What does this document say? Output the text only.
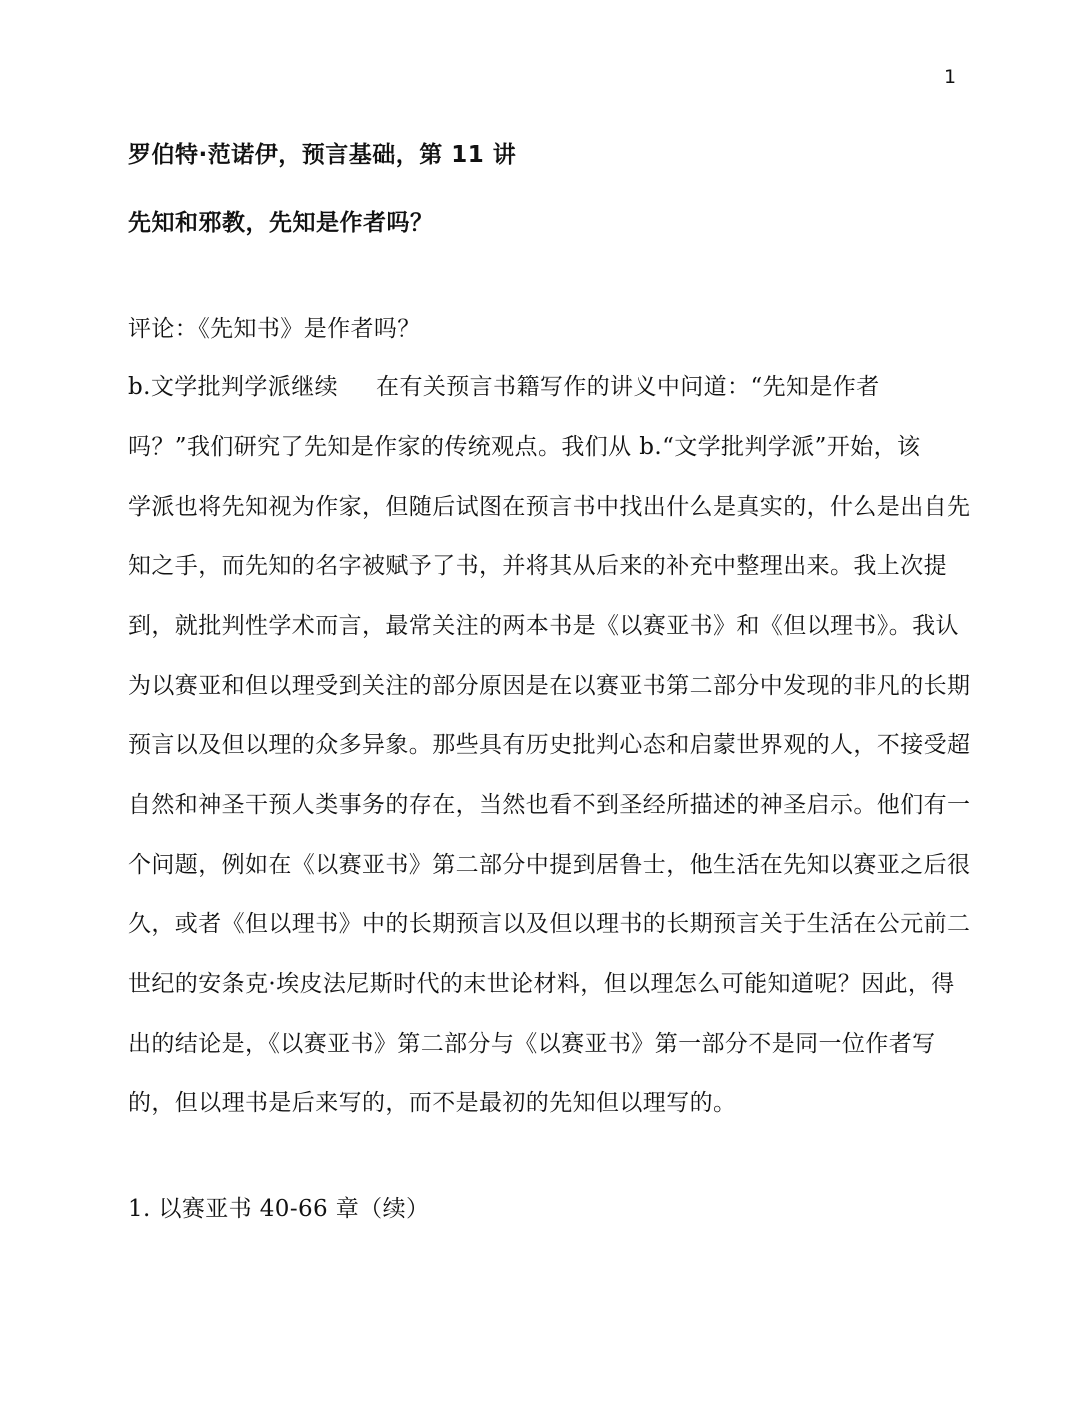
1
罗伯特·范诺伊，预言基础，第 11 讲
先知和邪教，先知是作者吗？
评论：《先知书》是作者吗？
b.文学批判学派继续 在有关预言书籍写作的讲义中问道：“先知是作者
吗？”我们研究了先知是作家的传统观点。我们从 b.“文学批判学派”开始，该
学派也将先知视为作家，但随后试图在预言书中找出什么是真实的，什么是出自先
知之手，而先知的名字被赋予了书，并将其从后来的补充中整理出来。我上次提
到，就批判性学术而言，最常关注的两本书是《以赛亚书》和《但以理书》。我认
为以赛亚和但以理受到关注的部分原因是在以赛亚书第二部分中发现的非凡的长期
预言以及但以理的众多异象。那些具有历史批判心态和启蒙世界观的人，不接受超
自然和神圣干预人类事务的存在，当然也看不到圣经所描述的神圣启示。他们有一
个问题，例如在《以赛亚书》第二部分中提到居鲁士，他生活在先知以赛亚之后很
久，或者《但以理书》中的长期预言以及但以理书的长期预言关于生活在公元前二
世纪的安条克·埃皮法尼斯时代的末世论材料，但以理怎么可能知道呢？因此，得
出的结论是，《以赛亚书》第二部分与《以赛亚书》第一部分不是同一位作者写
的，但以理书是后来写的，而不是最初的先知但以理写的。
1. 以赛亚书 40-66 章（续）
